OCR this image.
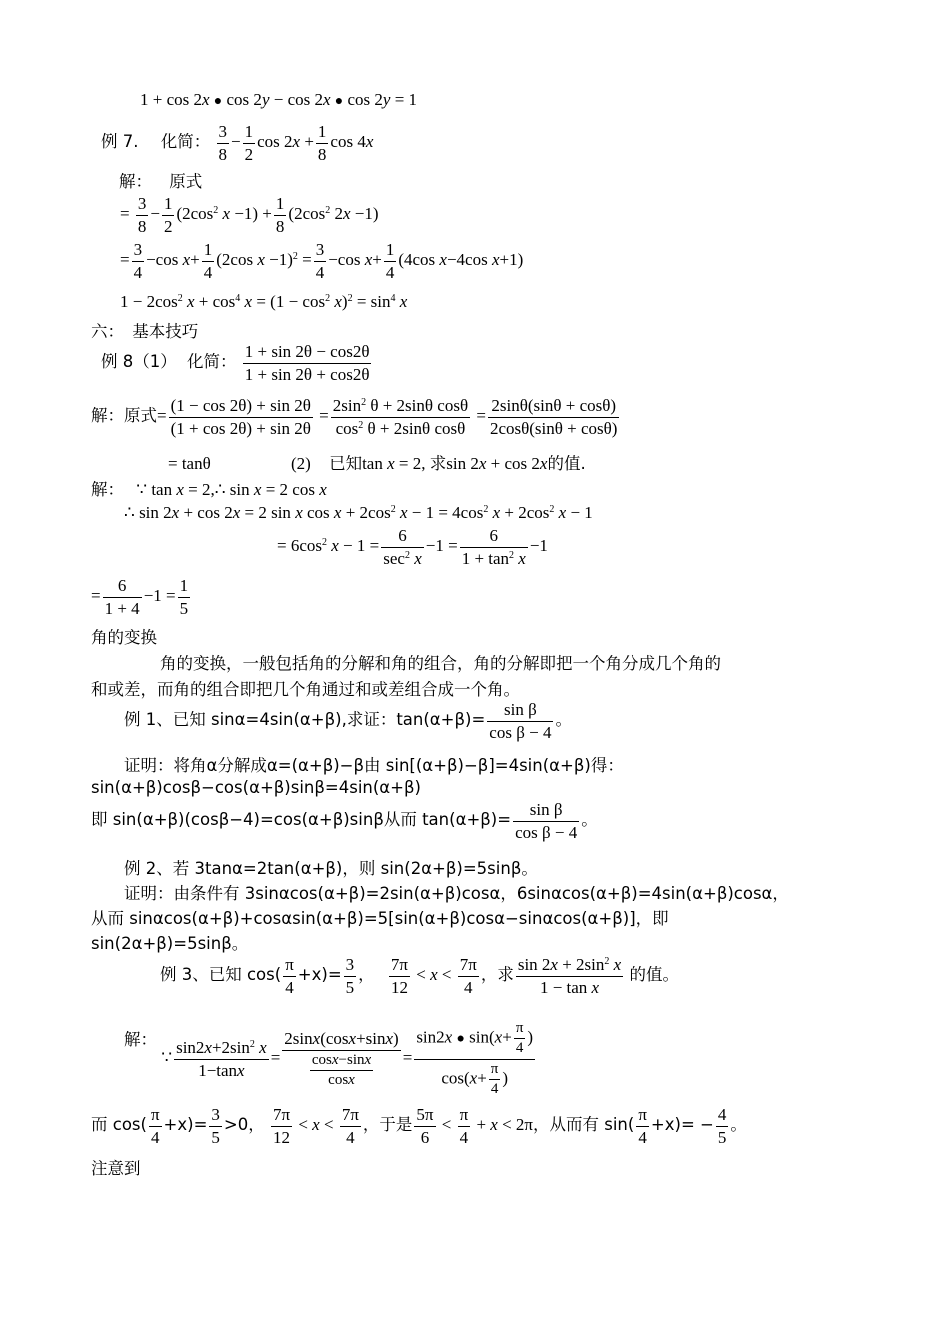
1 + cos 2x ● cos 2y − cos 2x ● cos 2y = 1
例 7. 化简： $\frac{3}{8} - \frac{1}{2}$ $\cos 2x + \frac{1}{8}$ cos 4x
解： 原式
= $\frac{3}{8} - \frac{1}{2} (2\cos^2$ $x -1) + \frac{1}{8} (2\cos^2$ 2x −1)
= $\frac{3}{4} -\cos$ $x+ \frac{1}{4} (2\cos$ $x -1)^2 = \frac{3}{4} -\cos$ $x+ \frac{1}{4} (4\cos$ x−4cos x+1)
$1 - 2\cos^2$ $x + \cos^4 x = (1 - \cos^2 x)^2 = \sin^4 x$
六：　基本技巧
例 8（1） 化简： $\frac{1 + \sin 2\theta - \cos 2\theta}{1 + \sin 2\theta + \cos 2\theta}$
解：原式= $\frac{(1 - \cos 2\theta) + \sin 2\theta}{(1 + \cos 2\theta) + \sin 2\theta} = \frac{2\sin^2 \theta + 2\sin\theta \cos\theta}{\cos^2 \theta + 2\sin\theta \cos\theta} = \frac{2\sin\theta(\sin\theta + \cos\theta)}{2\cos\theta(\sin\theta + \cos\theta)}$
= tanθ	(2) 已知tan x = 2, 求sin 2x + cos 2x的值.
解： ∵ tan x = 2,∴ sin x = 2 cos x
∴ sin 2x + cos 2x = 2 sin x $\cos x + 2\cos^2$ $x - 1 = 4\cos^2$ $x + 2\cos^2$ x − 1
= $6\cos^2$ x − 1 =
6
$\sec^2 x$
$-1 = \frac{6}{1 + \tan^2 x} -1$
= $\frac{6}{1 + 4} -1 = \frac{1}{5}$
角的变换
角的变换，一般包括角的分解和角的组合，角的分解即把一个角分成几个角的
和或差，而角的组合即把几个角通过和或差组合成一个角。
例 1、已知 sinα=4sin(α+β),求证：$\tan(\alpha+\beta)= \frac{\text{sin β}}{\text{cos β − 4}}$ 。
证明：将角α分解成α=(α+β)−β由 sin[(α+β)−β]=4sin(α+β)得：
sin(α+β)cosβ−cos(α+β)sinβ=4sin(α+β)
即 sin(α+β)(cosβ−4)=cos(α+β)sinβ从而 $\tan(\alpha+\beta)= \frac{\text{sin β}}{\text{cos β − 4}}$ 。
例 2、若 3tanα=2tan(α+β)，则 sin(2α+β)=5sinβ。
证明：由条件有 3sinαcos(α+β)=2sin(α+β)cosα，6sinαcos(α+β)=4sin(α+β)cosα，
从而 sinαcos(α+β)+cosαsin(α+β)=5[sin(α+β)cosα−sinαcos(α+β)]，即
sin(2α+β)=5sinβ。
例 3、已知 $\cos( \frac{\pi}{4} +x)= \frac{3}{5}$ ， $\frac{7\pi}{12} < x < \frac{7\pi}{4}$ ，求 $\frac{\sin 2x + 2\sin^2 x}{\text{1 − tan x}}$ 的值。
解： ∵ $\frac{\sin 2x+2\sin^2 x}{1-\tan x} = \frac{2\sin x(\cos x+\sin x)}{\frac{\cos x-\sin x}{\cos x}} = \frac{\sin 2x ● \sin(x+ \frac{\pi}{4} )}{\cos(x+ \frac{\pi}{4} )}$
而 $\cos( \frac{\pi}{4} +x)= \frac{3}{5} >0$， $\frac{7\pi}{12} < x < \frac{7\pi}{4}$ ，于是 $\frac{5\pi}{6} < \frac{\pi}{4} + x < 2\pi$，从而有 $\sin( \frac{\pi}{4} +x)= - \frac{4}{5}$ 。
注意到
